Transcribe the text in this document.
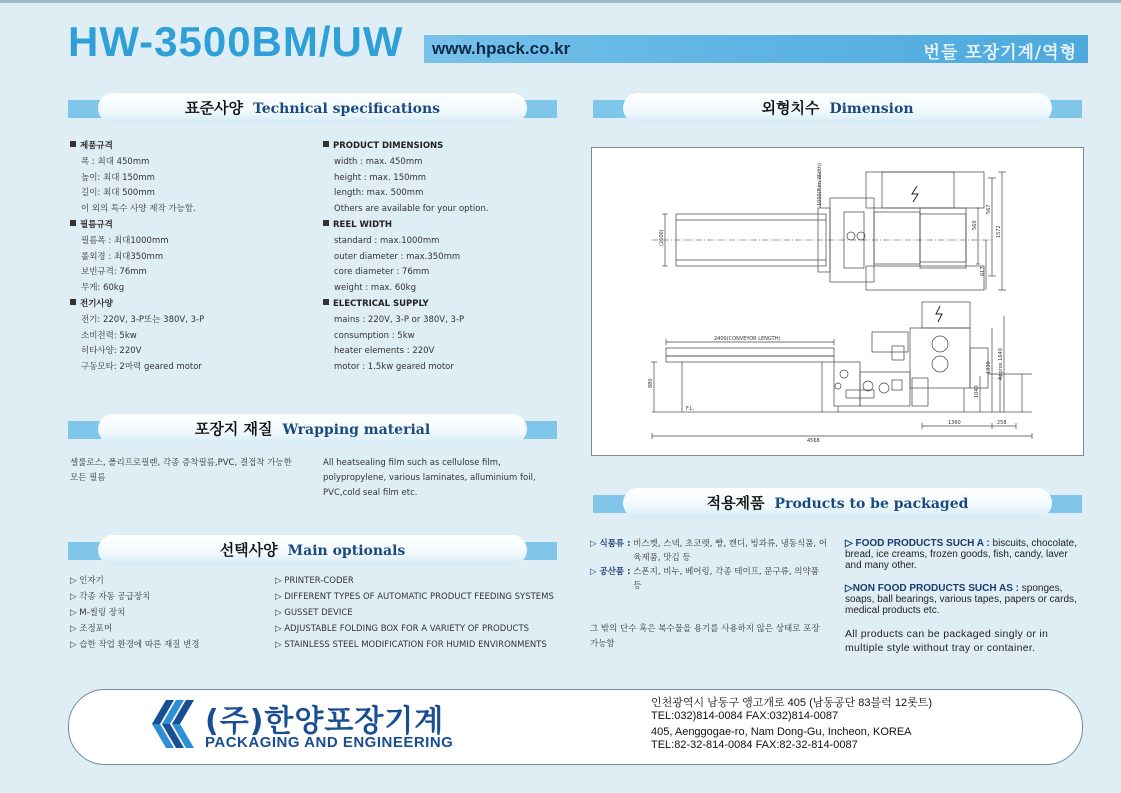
HW-3500BM/UW www.hpack.co.kr	번들 포장기계/역형
표준사양 Technical specifications	외형치수 Dimension
제품규격
폭 : 최대 450mm
높이: 최대 150mm
길이: 최대 500mm
이 외의 특수 사양 제작 가능함.
필름규격
필름폭 : 최대1000mm
롤외경 : 최대350mm
보빈규격: 76mm
무게: 60kg
전기사양
전기: 220V, 3-P또는 380V, 3-P
소비전력: 5kw
히타사양: 220V
구동모타: 2마력 geared motor
PRODUCT DIMENSIONS
width : max. 450mm
height : max. 150mm
length: max. 500mm
Others are available for your option.
REEL WIDTH
standard : max.1000mm
outer diameter : max.350mm
core diameter : 76mm
weight : max. 60kg
ELECTRICAL SUPPLY
mains : 220V, 3-P or 380V, 3-P
consumption : 5kw
heater elements : 220V
motor : 1.5kw geared motor
1000(Film Width)
(2600)
560
567
1572
617
2400(CONVEYOR LENGTH)
4568
1360	258
F.L.
880
1040
1330 Approx 1640
포장지 재질 Wrapping material
셀룰로스, 폴리프로필렌, 각종 증착필름,PVC, 결접착 가능한 모든 필름
All heatsealing film such as cellulose film, polypropylene, various laminates, alluminium foil, PVC,cold seal film etc.
적용제품 Products to be packaged
▷ 식품류 :
비스켓, 스넥, 초코렛, 빵, 캔디, 빙과류, 냉동식품, 어육제품, 맛김 등
▷ 공산품 :
스폰지, 비누, 베어링, 각종 테이프, 문구류, 의약품 등
그 밖의 단수 혹은 복수물을 용기를 사용하지 않은 상태로 포장 가능함
▷ FOOD PRODUCTS SUCH A : biscuits, chocolate, bread, ice creams, frozen goods, fish, candy, laver and many other.
▷NON FOOD PRODUCTS SUCH AS : sponges, soaps, ball bearings, various tapes, papers or cards, medical products etc.
All products can be packaged singly or in multiple style without tray or container.
선택사양 Main optionals
▷ 인자기
▷ 각종 자동 공급장치
▷ M-씰링 장치
▷ 조정포머
▷ 습한 작업 환경에 따른 재질 변경
▷ PRINTER-CODER
▷ DIFFERENT TYPES OF AUTOMATIC PRODUCT FEEDING SYSTEMS
▷ GUSSET DEVICE
▷ ADJUSTABLE FOLDING BOX FOR A VARIETY OF PRODUCTS
▷ STAINLESS STEEL MODIFICATION FOR HUMID ENVIRONMENTS
(주)한양포장기계
PACKAGING AND ENGINEERING
인천광역시 남동구 앵고개로 405 (남동공단 83블럭 12롯트)
TEL:032)814-0084 FAX:032)814-0087
405, Aenggogae-ro, Nam Dong-Gu, Incheon, KOREA
TEL:82-32-814-0084 FAX:82-32-814-0087
